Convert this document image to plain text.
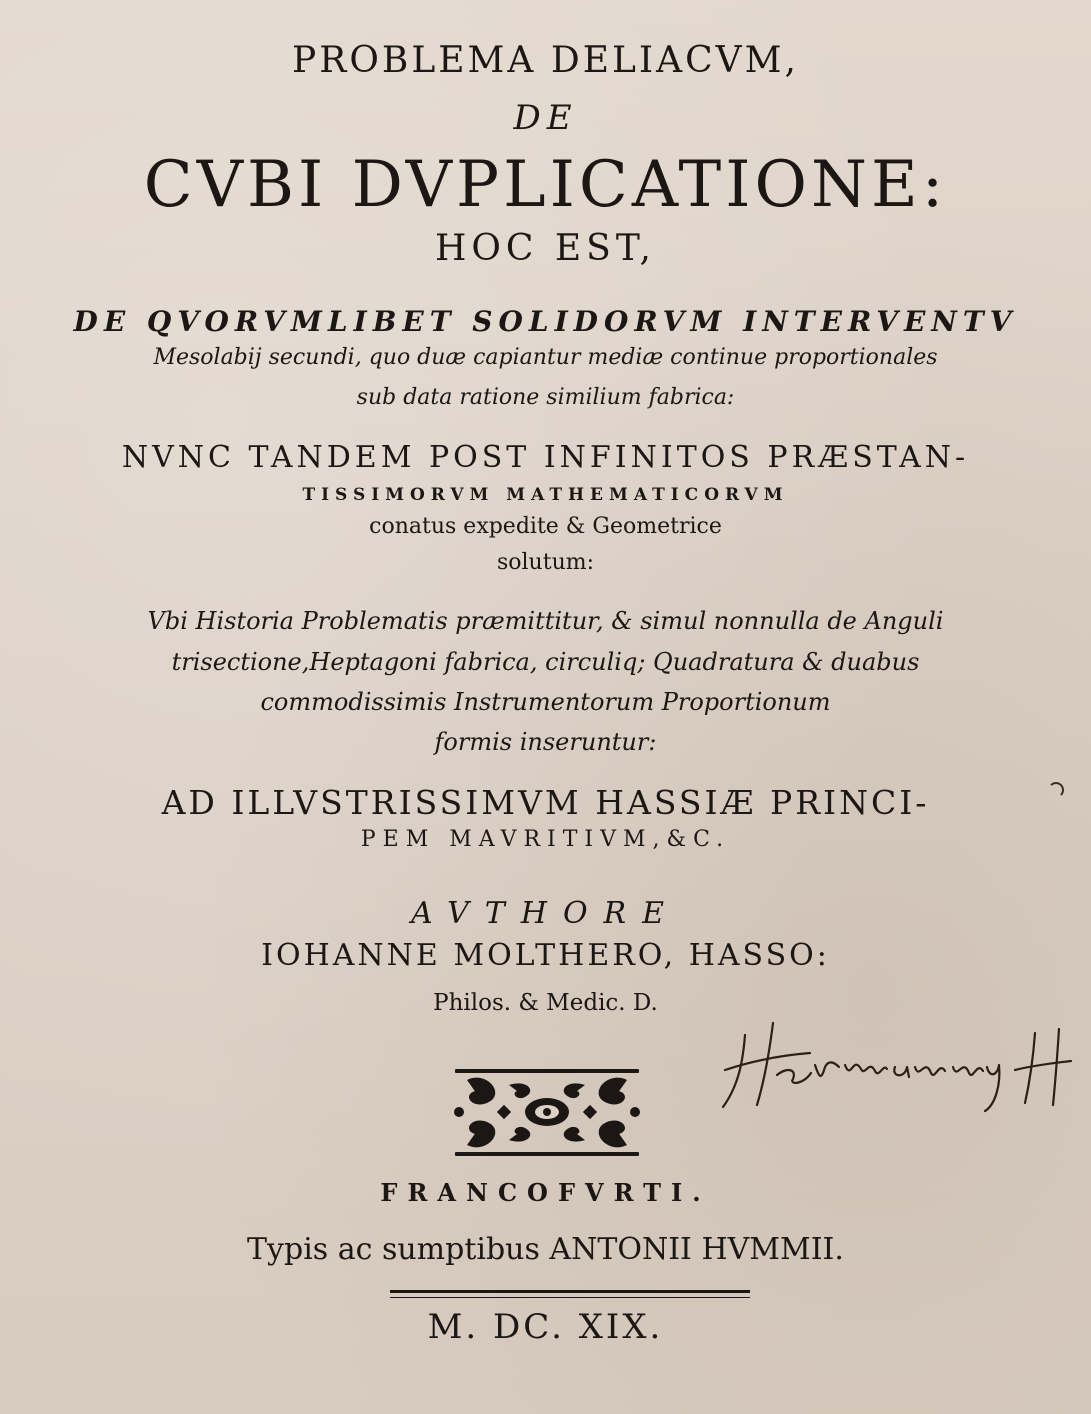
PROBLEMA DELIACVM,
DE
CVBI DVPLICATIONE:
HOC EST,
DE QVORVMLIBET SOLIDORVM INTERVENTV
Mesolabij secundi, quo duæ capiantur mediæ continue proportionales
sub data ratione similium fabrica:
NVNC TANDEM POST INFINITOS PRÆSTAN-
TISSIMORVM MATHEMATICORVM
conatus expedite & Geometrice
solutum:
Vbi Historia Problematis præmittitur, & simul nonnulla de Anguli
trisectione,Heptagoni fabrica, circuliq; Quadratura & duabus
commodissimis Instrumentorum Proportionum
formis inseruntur:
AD ILLVSTRISSIMVM HASSIÆ PRINCI-
PEM MAVRITIVM,&C.
AVTHORE
IOHANNE MOLTHERO, HASSO:
Philos. & Medic. D.
FRANCOFVRTI.
Typis ac sumptibus ANTONII HVMMII.
M. DC. XIX.
